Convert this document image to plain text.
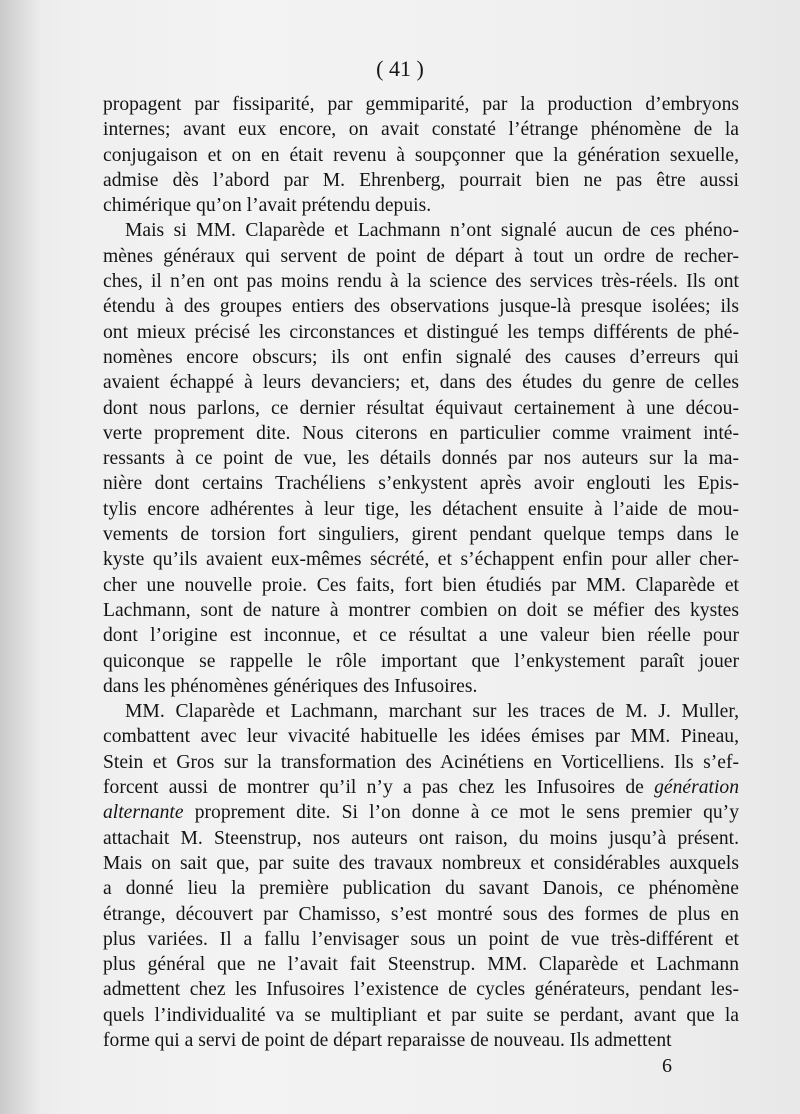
( 41 )
propagent par fissiparité, par gemmiparité, par la production d’embryons
internes; avant eux encore, on avait constaté l’étrange phénomène de la
conjugaison et on en était revenu à soupçonner que la génération sexuelle,
admise dès l’abord par M. Ehrenberg, pourrait bien ne pas être aussi
chimérique qu’on l’avait prétendu depuis.
Mais si MM. Claparède et Lachmann n’ont signalé aucun de ces phéno-
mènes généraux qui servent de point de départ à tout un ordre de recher-
ches, il n’en ont pas moins rendu à la science des services très-réels. Ils ont
étendu à des groupes entiers des observations jusque-là presque isolées; ils
ont mieux précisé les circonstances et distingué les temps différents de phé-
nomènes encore obscurs; ils ont enfin signalé des causes d’erreurs qui
avaient échappé à leurs devanciers; et, dans des études du genre de celles
dont nous parlons, ce dernier résultat équivaut certainement à une décou-
verte proprement dite. Nous citerons en particulier comme vraiment inté-
ressants à ce point de vue, les détails donnés par nos auteurs sur la ma-
nière dont certains Trachéliens s’enkystent après avoir englouti les Epis-
tylis encore adhérentes à leur tige, les détachent ensuite à l’aide de mou-
vements de torsion fort singuliers, girent pendant quelque temps dans le
kyste qu’ils avaient eux-mêmes sécrété, et s’échappent enfin pour aller cher-
cher une nouvelle proie. Ces faits, fort bien étudiés par MM. Claparède et
Lachmann, sont de nature à montrer combien on doit se méfier des kystes
dont l’origine est inconnue, et ce résultat a une valeur bien réelle pour
quiconque se rappelle le rôle important que l’enkystement paraît jouer
dans les phénomènes génériques des Infusoires.
MM. Claparède et Lachmann, marchant sur les traces de M. J. Muller,
combattent avec leur vivacité habituelle les idées émises par MM. Pineau,
Stein et Gros sur la transformation des Acinétiens en Vorticelliens. Ils s’ef-
forcent aussi de montrer qu’il n’y a pas chez les Infusoires de génération
alternante proprement dite. Si l’on donne à ce mot le sens premier qu’y
attachait M. Steenstrup, nos auteurs ont raison, du moins jusqu’à présent.
Mais on sait que, par suite des travaux nombreux et considérables auxquels
a donné lieu la première publication du savant Danois, ce phénomène
étrange, découvert par Chamisso, s’est montré sous des formes de plus en
plus variées. Il a fallu l’envisager sous un point de vue très-différent et
plus général que ne l’avait fait Steenstrup. MM. Claparède et Lachmann
admettent chez les Infusoires l’existence de cycles générateurs, pendant les-
quels l’individualité va se multipliant et par suite se perdant, avant que la
forme qui a servi de point de départ reparaisse de nouveau. Ils admettent
6
